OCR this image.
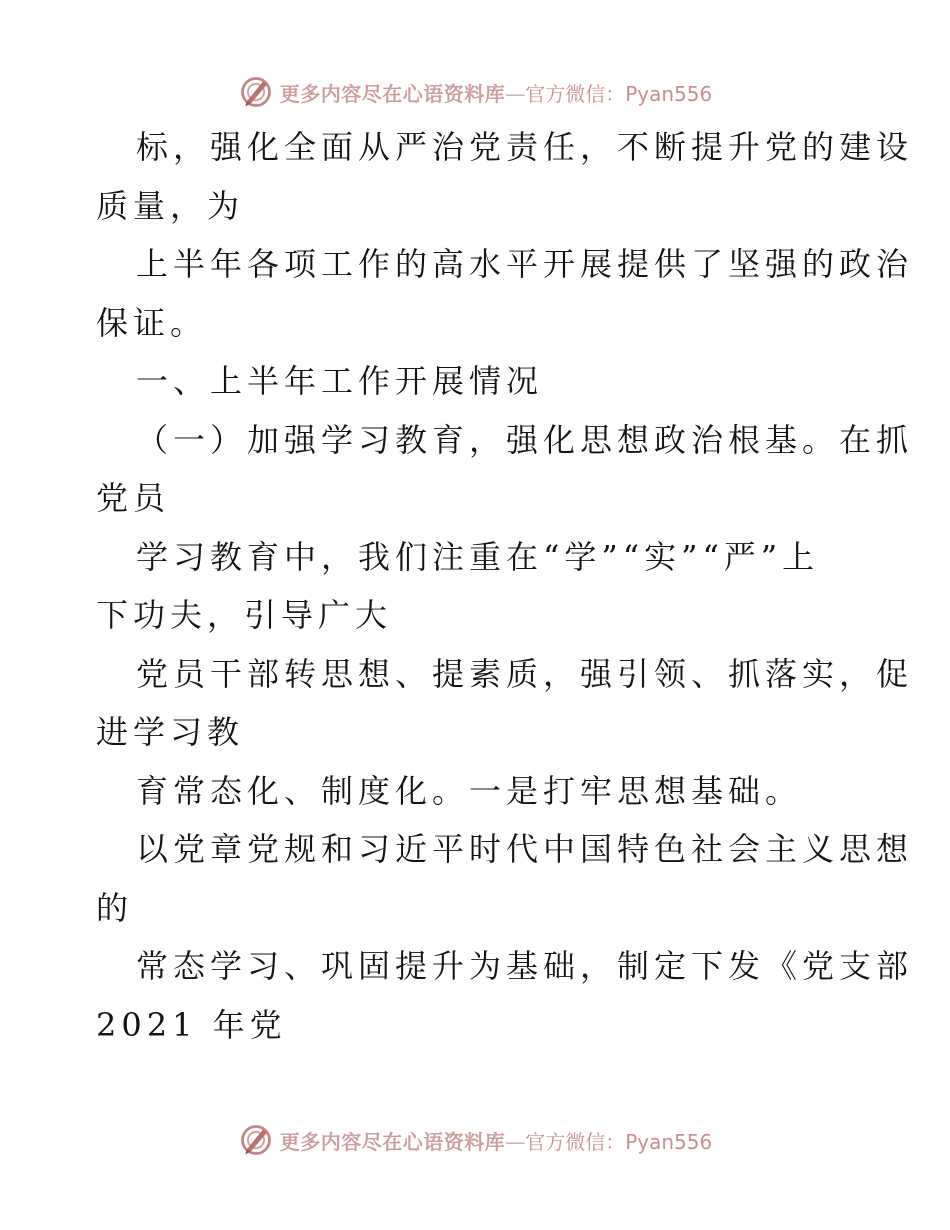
更多内容尽在心语资料库—官方微信：Pyan556

标，强化全面从严治党责任，不断提升党的建设

质量，为

上半年各项工作的高水平开展提供了坚强的政治

保证。

一、上半年工作开展情况

（一）加强学习教育，强化思想政治根基。在抓

党员

学习教育中，我们注重在“学”“实”“严”上

下功夫，引导广大

党员干部转思想、提素质，强引领、抓落实，促

进学习教

育常态化、制度化。一是打牢思想基础。

以党章党规和习近平时代中国特色社会主义思想

的

常态学习、巩固提升为基础，制定下发《党支部

2021 年党

更多内容尽在心语资料库—官方微信：Pyan556
